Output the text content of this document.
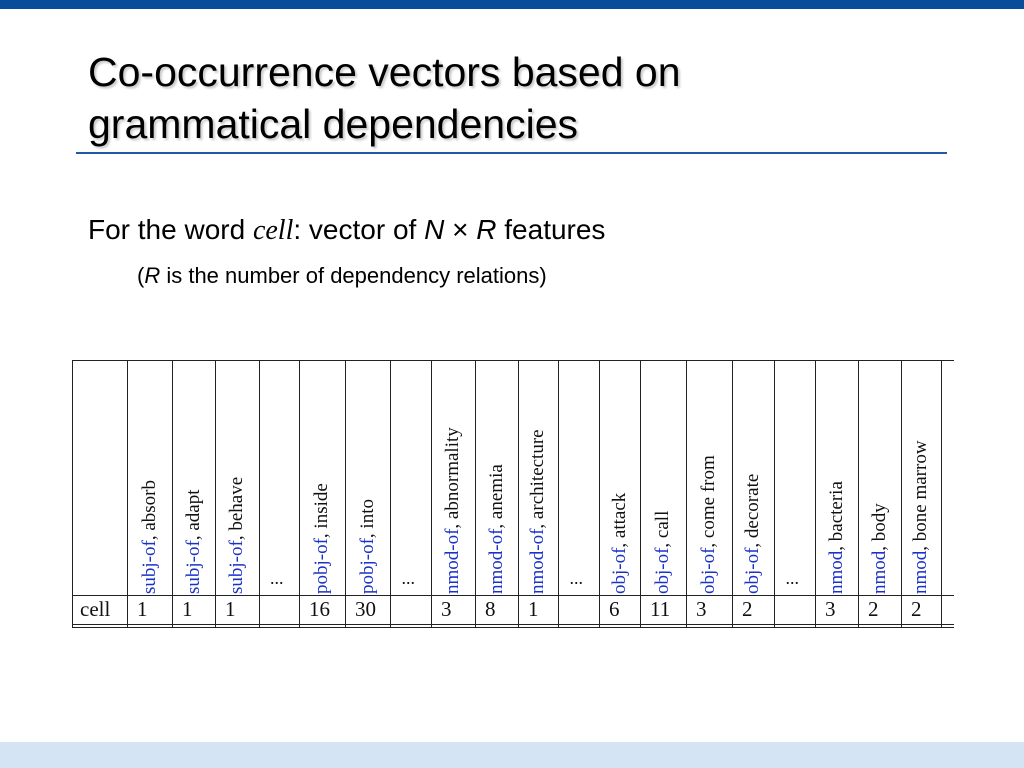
Co-occurrence vectors based on
grammatical dependencies
For the word cell: vector of N × R features
(R is the number of dependency relations)
cell
subj-of, absorb
1
subj-of, adapt
1
subj-of, behave
1
... pobj-of, inside
16
pobj-of, into
30
... nmod-of, abnormality
3
nmod-of, anemia
8
nmod-of, architecture
1
... obj-of, attack
6
obj-of, call
11
obj-of, come from
3
obj-of, decorate
2
... nmod, bacteria
3
nmod, body
2
nmod, bone marrow
2
